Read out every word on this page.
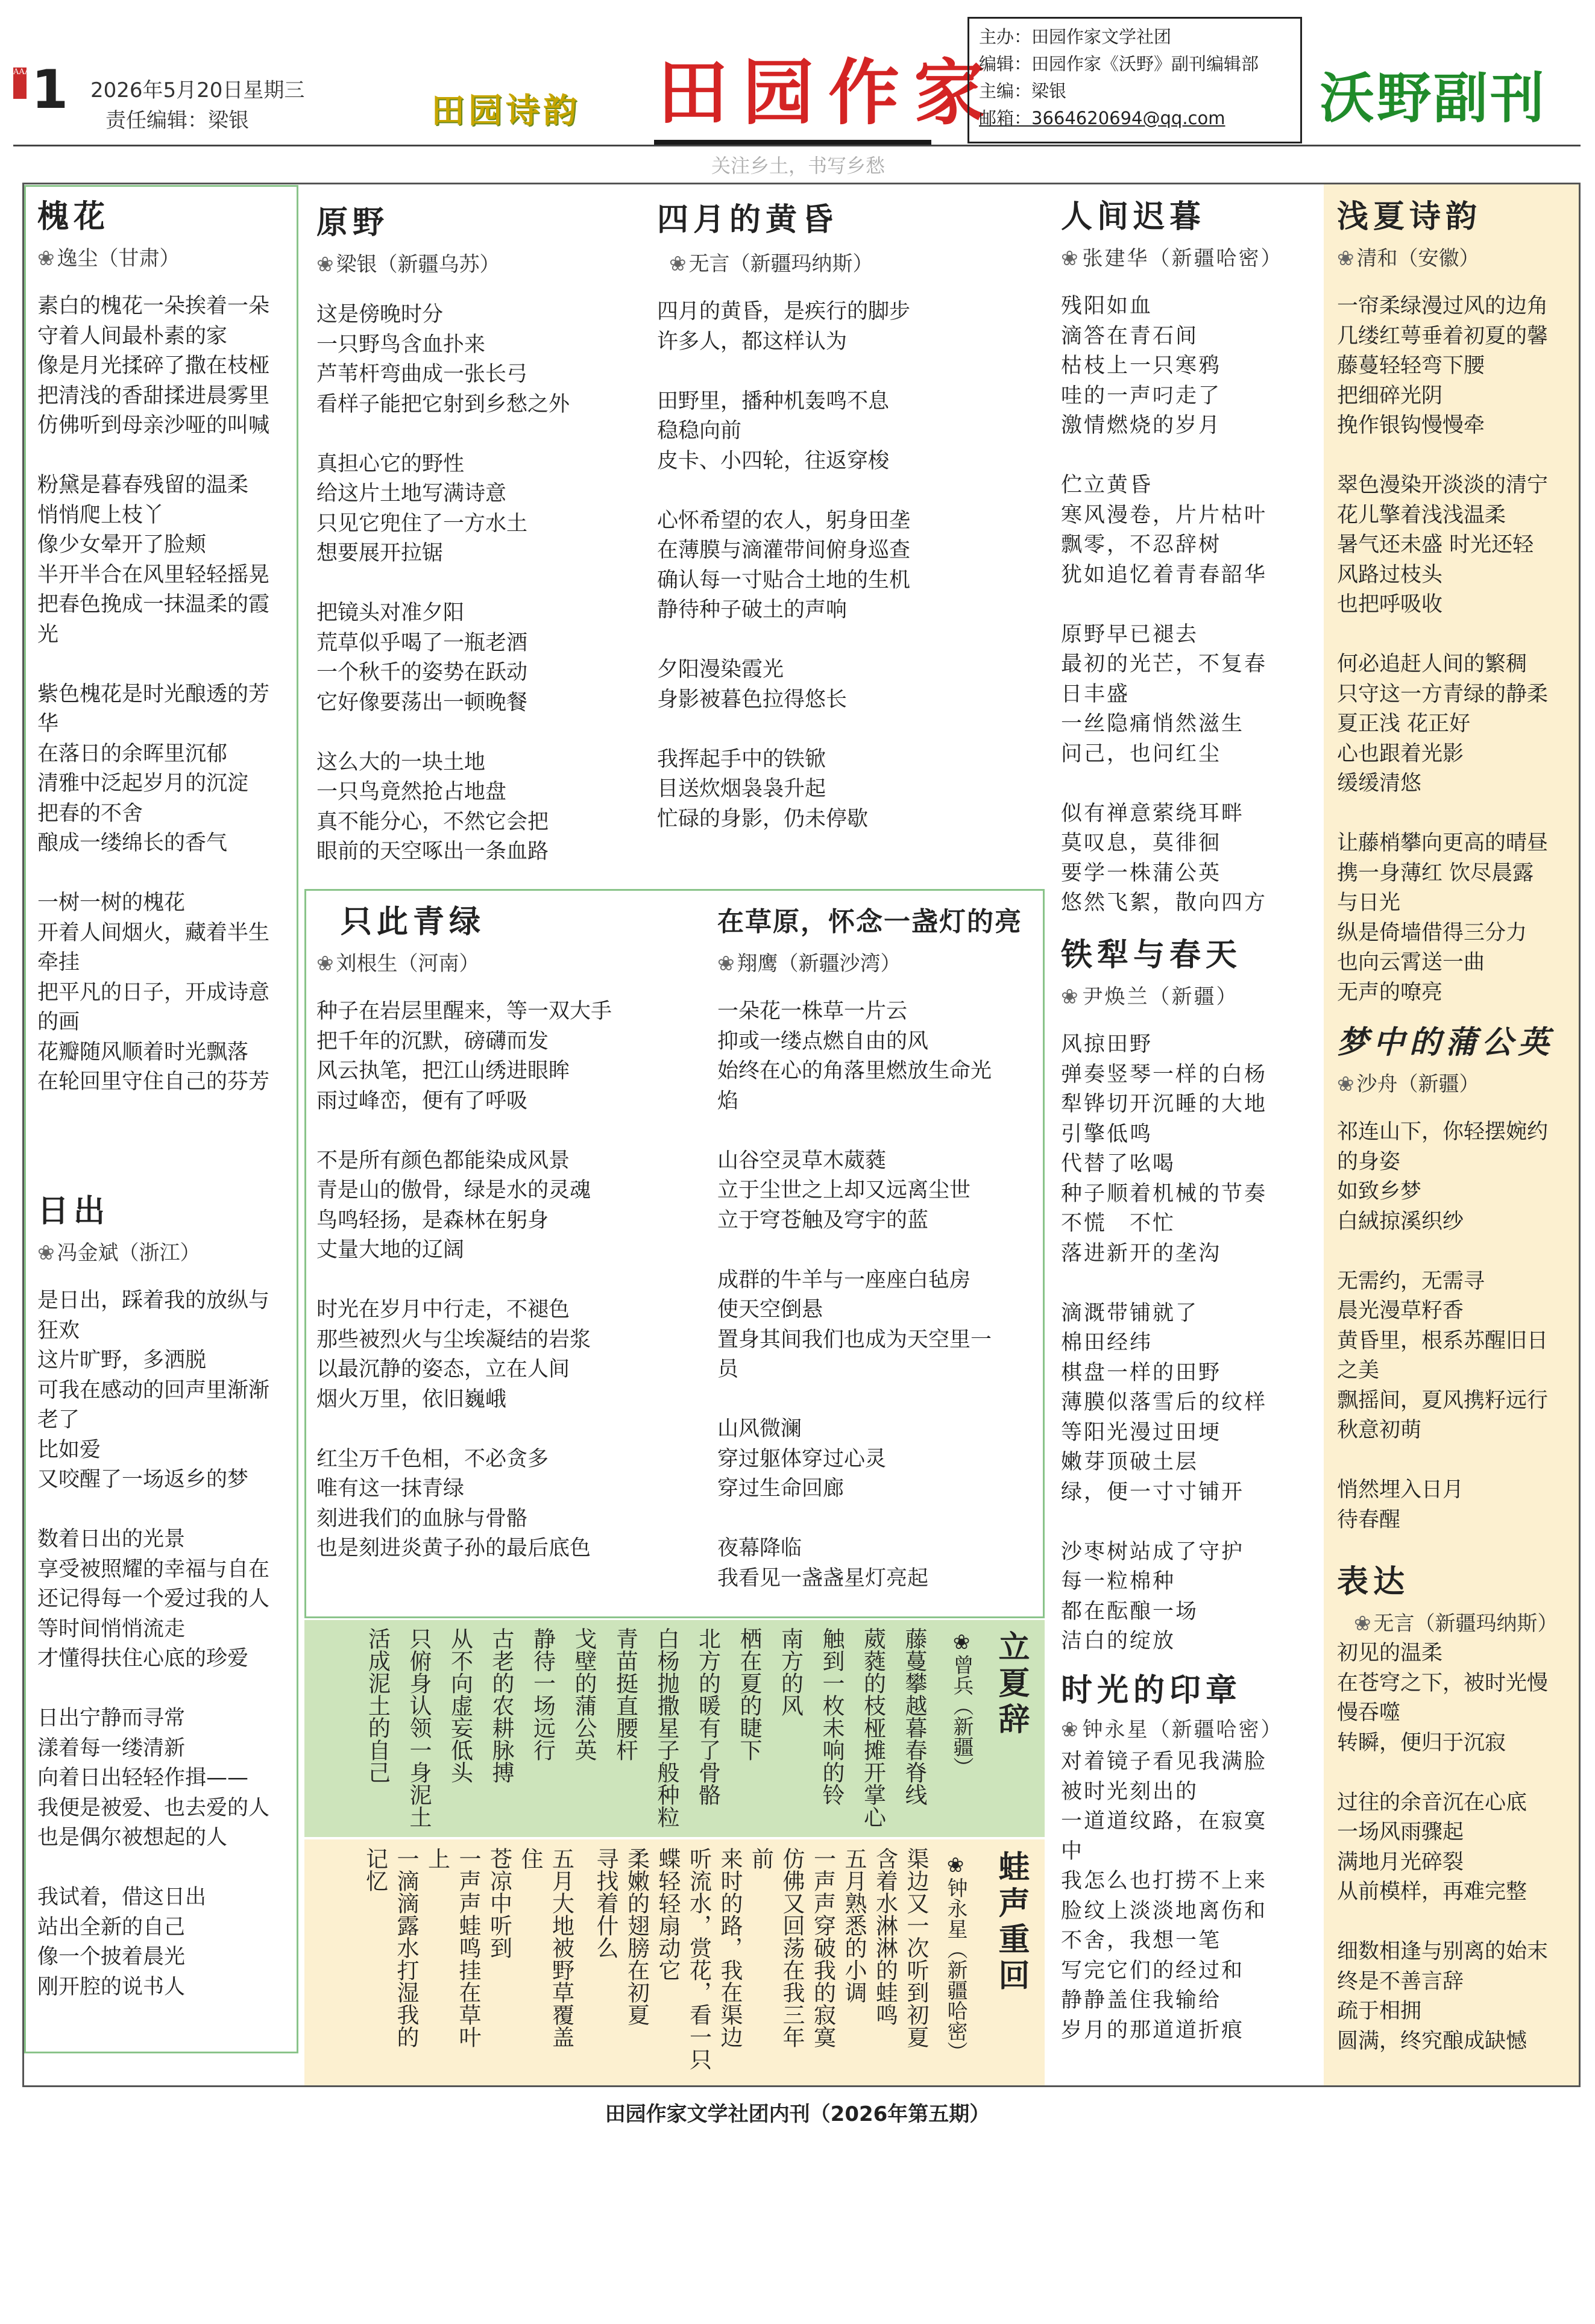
AAA 1 2026年5月20日星期三
责任编辑：梁银	田园诗韵 田园作家
关注乡土，书写乡愁
主办：田园作家文学社团
编辑：田园作家《沃野》副刊编辑部
主编：梁银
邮箱：3664620694@qq.com	沃野副刊
槐花
❀ 逸尘（甘肃）

素白的槐花一朵挨着一朵

守着人间最朴素的家

像是月光揉碎了撒在枝桠

把清浅的香甜揉进晨雾里

仿佛听到母亲沙哑的叫喊

粉黛是暮春残留的温柔

悄悄爬上枝丫

像少女晕开了脸颊

半开半合在风里轻轻摇晃

把春色挽成一抹温柔的霞

光

紫色槐花是时光酿透的芳

华

在落日的余晖里沉郁

清雅中泛起岁月的沉淀

把春的不舍

酿成一缕绵长的香气

一树一树的槐花

开着人间烟火，藏着半生

牵挂

把平凡的日子，开成诗意

的画

花瓣随风顺着时光飘落

在轮回里守住自己的芬芳

日出
❀ 冯金斌（浙江）

是日出，踩着我的放纵与

狂欢

这片旷野，多洒脱

可我在感动的回声里渐渐

老了

比如爱

又咬醒了一场返乡的梦

数着日出的光景

享受被照耀的幸福与自在

还记得每一个爱过我的人

等时间悄悄流走

才懂得扶住心底的珍爱

日出宁静而寻常

漾着每一缕清新

向着日出轻轻作揖——

我便是被爱、也去爱的人

也是偶尔被想起的人

我试着，借这日出

站出全新的自己

像一个披着晨光

刚开腔的说书人

原野
❀ 梁银（新疆乌苏）

这是傍晚时分

一只野鸟含血扑来

芦苇杆弯曲成一张长弓

看样子能把它射到乡愁之外

真担心它的野性

给这片土地写满诗意

只见它兜住了一方水土

想要展开拉锯

把镜头对准夕阳

荒草似乎喝了一瓶老酒

一个秋千的姿势在跃动

它好像要荡出一顿晚餐

这么大的一块土地

一只鸟竟然抢占地盘

真不能分心，不然它会把

眼前的天空啄出一条血路

四月的黄昏
❀ 无言（新疆玛纳斯）

四月的黄昏，是疾行的脚步

许多人，都这样认为

田野里，播种机轰鸣不息

稳稳向前

皮卡、小四轮，往返穿梭

心怀希望的农人，躬身田垄

在薄膜与滴灌带间俯身巡查

确认每一寸贴合土地的生机

静待种子破土的声响

夕阳漫染霞光

身影被暮色拉得悠长

我挥起手中的铁锨

目送炊烟袅袅升起

忙碌的身影，仍未停歇

只此青绿
❀ 刘根生（河南）

种子在岩层里醒来，等一双大手

把千年的沉默，磅礴而发

风云执笔，把江山绣进眼眸

雨过峰峦，便有了呼吸

不是所有颜色都能染成风景

青是山的傲骨，绿是水的灵魂

鸟鸣轻扬，是森林在躬身

丈量大地的辽阔

时光在岁月中行走，不褪色

那些被烈火与尘埃凝结的岩浆

以最沉静的姿态，立在人间

烟火万里，依旧巍峨

红尘万千色相，不必贪多

唯有这一抹青绿

刻进我们的血脉与骨骼

也是刻进炎黄子孙的最后底色

在草原，怀念一盏灯的亮
❀ 翔鹰（新疆沙湾）

一朵花一株草一片云

抑或一缕点燃自由的风

始终在心的角落里燃放生命光

焰

山谷空灵草木葳蕤

立于尘世之上却又远离尘世

立于穹苍触及穹宇的蓝

成群的牛羊与一座座白毡房

使天空倒悬

置身其间我们也成为天空里一

员

山风微澜

穿过躯体穿过心灵

穿过生命回廊

夜幕降临

我看见一盏盏星灯亮起

立夏辞
❀曾兵（新疆）
藤蔓攀越暮春脊线
葳蕤的枝桠摊开掌心
触到一枚未响的铃
南方的风
栖在夏的睫下
北方的暖有了骨骼
白杨抛撒星子般种粒
青苗挺直腰杆
戈壁的蒲公英
静待一场远行
古老的农耕脉搏
从不向虚妄低头
只俯身认领一身泥土
活成泥土的自己
蛙声重回
❀钟永星（新疆哈密）
渠边又一次听到初夏
含着水淋淋的蛙鸣
五月熟悉的小调
一声声穿破我的寂寞
仿佛又回荡在我三年
前
来时的路，我在渠边
听流水，赏花，看一只
蝶轻轻扇动它
柔嫩的翅膀在初夏
寻找着什么
五月大地被野草覆盖
住
苍凉中听到
一声声蛙鸣挂在草叶
上
一滴滴露水打湿我的
记忆
人间迟暮
❀ 张建华（新疆哈密）

残阳如血

滴答在青石间

枯枝上一只寒鸦

哇的一声叼走了

激情燃烧的岁月

伫立黄昏

寒风漫卷，片片枯叶

飘零，不忍辞树

犹如追忆着青春韶华

原野早已褪去

最初的光芒，不复春

日丰盛

一丝隐痛悄然滋生

问己，也问红尘

似有禅意萦绕耳畔

莫叹息，莫徘徊

要学一株蒲公英

悠然飞絮，散向四方

铁犁与春天
❀ 尹焕兰（新疆）

风掠田野

弹奏竖琴一样的白杨

犁铧切开沉睡的大地

引擎低鸣

代替了吆喝

种子顺着机械的节奏

不慌　不忙

落进新开的垄沟

滴溉带铺就了

棉田经纬

棋盘一样的田野

薄膜似落雪后的纹样

等阳光漫过田埂

嫩芽顶破土层

绿，便一寸寸铺开

沙枣树站成了守护

每一粒棉种

都在酝酿一场

洁白的绽放

时光的印章
❀ 钟永星（新疆哈密）

对着镜子看见我满脸

被时光刻出的

一道道纹路，在寂寞

中

我怎么也打捞不上来

脸纹上淡淡地离伤和

不舍，我想一笔

写完它们的经过和

静静盖住我输给

岁月的那道道折痕

浅夏诗韵
❀ 清和（安徽）

一帘柔绿漫过风的边角

几缕红萼垂着初夏的馨

藤蔓轻轻弯下腰

把细碎光阴

挽作银钩慢慢牵

翠色漫染开淡淡的清宁

花儿擎着浅浅温柔

暑气还未盛 时光还轻

风路过枝头

也把呼吸收

何必追赶人间的繁稠

只守这一方青绿的静柔

夏正浅 花正好

心也跟着光影

缓缓清悠

让藤梢攀向更高的晴昼

携一身薄红 饮尽晨露

与日光

纵是倚墙借得三分力

也向云霄送一曲

无声的嘹亮

梦中的蒲公英
❀ 沙舟（新疆）

祁连山下，你轻摆婉约

的身姿

如致乡梦

白絨掠溪织纱

无需约，无需寻

晨光漫草籽香

黄昏里，根系苏醒旧日

之美

飘摇间，夏风携籽远行

秋意初萌

悄然埋入日月

待春醒

表达
❀ 无言（新疆玛纳斯）

初见的温柔

在苍穹之下，被时光慢

慢吞噬

转瞬，便归于沉寂

过往的余音沉在心底

一场风雨骤起

满地月光碎裂

从前模样，再难完整

细数相逢与别离的始末

终是不善言辞

疏于相拥

圆满，终究酿成缺憾

田园作家文学社团内刊（2026年第五期）
